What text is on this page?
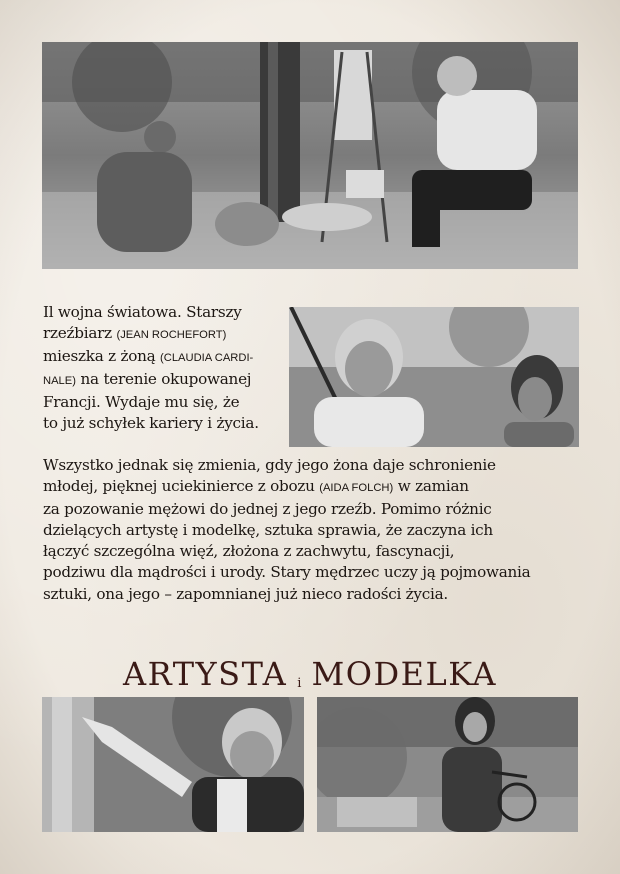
Il wojna światowa. Starszy
rzeźbiarz (JEAN ROCHEFORT)
mieszka z żoną (CLAUDIA CARDI-
NALE) na terenie okupowanej
Francji. Wydaje mu się, że
to już schyłek kariery i życia.

Wszystko jednak się zmienia, gdy jego żona daje schronienie
młodej, pięknej uciekinierce z obozu (AIDA FOLCH) w zamian
za pozowanie mężowi do jednej z jego rzeźb. Pomimo różnic
dzielących artystę i modelkę, sztuka sprawia, że zaczyna ich
łączyć szczególna więź, złożona z zachwytu, fascynacji,
podziwu dla mądrości i urody. Stary mędrzec uczy ją pojmowania
sztuki, ona jego – zapomnianej już nieco radości życia.

ARTYSTA i MODELKA
